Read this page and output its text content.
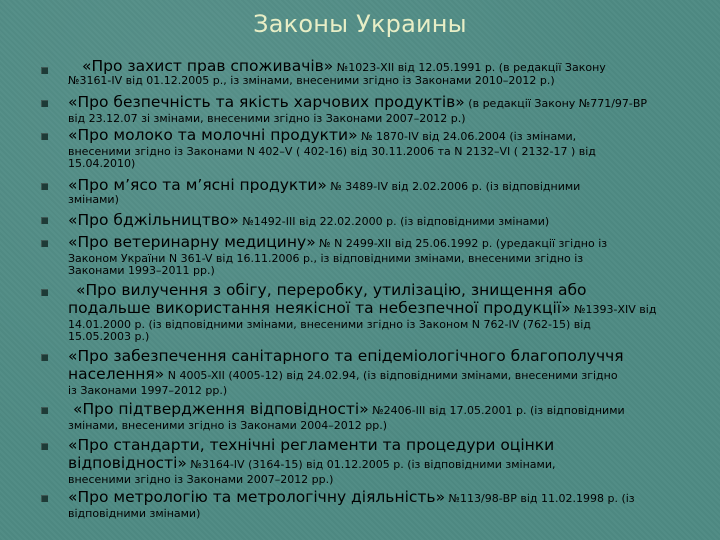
Законы Украины
«Про захист прав споживачів» №1023-XII від 12.05.1991 р. (в редакції Закону
№3161-IV від 01.12.2005 р., із змінами, внесеними згідно із Законами 2010–2012 р.)
«Про безпечність та якість харчових продуктів» (в редакції Закону №771/97-ВР
від 23.12.07 зі змінами, внесеними згідно із Законами 2007–2012 р.)
«Про молоко та молочні продукти» № 1870-IV від 24.06.2004 (із змінами,
внесеними згідно із Законами N 402–V ( 402-16) від 30.11.2006 та N 2132–VI ( 2132-17 ) від
15.04.2010)
«Про м’ясо та м’ясні продукти» № 3489-IV від 2.02.2006 р. (із відповідними
змінами)
«Про бджільництво» №1492-III від 22.02.2000 р. (із відповідними змінами)
«Про ветеринарну медицину» № N 2499-XII від 25.06.1992 р. (уредакції згідно із
Законом України N 361-V від 16.11.2006 р., із відповідними змінами, внесеними згідно із
Законами 1993–2011 рр.)
«Про вилучення з обігу, переробку, утилізацію, знищення або
подальше використання неякісної та небезпечної продукції» №1393-XIV від
14.01.2000 р. (із відповідними змінами, внесеними згідно із Законом N 762-IV (762-15) від
15.05.2003 р.)
«Про забезпечення санітарного та епідеміологічного благополуччя
населення» N 4005-XII (4005-12) від 24.02.94, (із відповідними змінами, внесеними згідно
із Законами 1997–2012 рр.)
«Про підтвердження відповідності» №2406-III від 17.05.2001 р. (із відповідними
змінами, внесеними згідно із Законами 2004–2012 рр.)
«Про стандарти, технічні регламенти та процедури оцінки
відповідності» №3164-IV (3164-15) від 01.12.2005 р. (із відповідними змінами,
внесеними згідно із Законами 2007–2012 рр.)
«Про метрологію та метрологічну діяльність» №113/98-ВР від 11.02.1998 р. (із
відповідними змінами)
